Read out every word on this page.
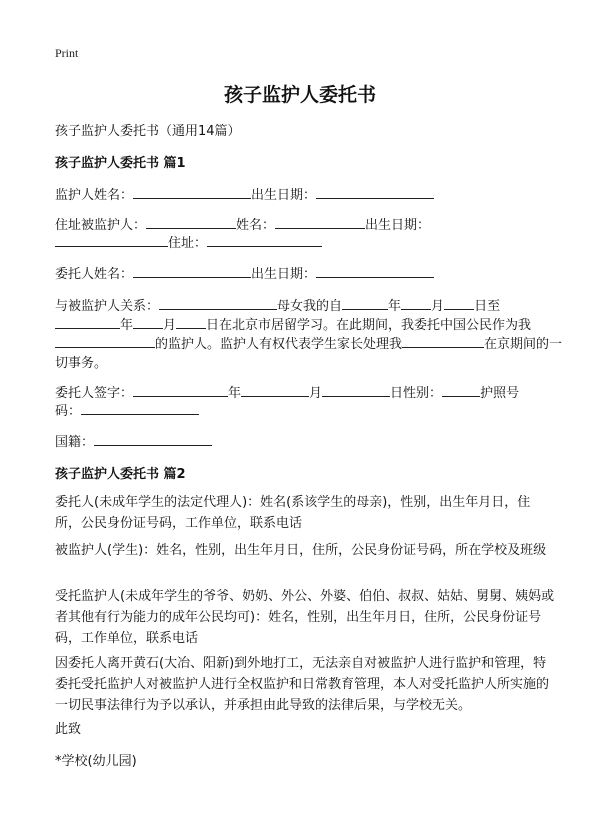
Print
孩子监护人委托书
孩子监护人委托书（通用14篇）
孩子监护人委托书 篇1
监护人姓名：	出生日期：
住址被监护人：	姓名：	出生日期：
住址：
委托人姓名：	出生日期：
与被监护人关系：	母女我的自	年 月 日至
年 月 日在北京市居留学习。在此期间，我委托中国公民作为我
的监护人。监护人有权代表学生家长处理我	在京期间的一
切事务。
委托人签字：	年	月	日性别：	护照号
码：
国籍：
孩子监护人委托书 篇2
委托人(未成年学生的法定代理人)：姓名(系该学生的母亲)，性别，出生年月日，住所，公民身份证号码，工作单位，联系电话
被监护人(学生)：姓名，性别，出生年月日，住所，公民身份证号码，所在学校及班级
受托监护人(未成年学生的爷爷、奶奶、外公、外婆、伯伯、叔叔、姑姑、舅舅、姨妈或者其他有行为能力的成年公民均可)：姓名，性别，出生年月日，住所，公民身份证号码，工作单位，联系电话
因委托人离开黄石(大冶、阳新)到外地打工，无法亲自对被监护人进行监护和管理，特委托受托监护人对被监护人进行全权监护和日常教育管理，本人对受托监护人所实施的一切民事法律行为予以承认，并承担由此导致的法律后果，与学校无关。
此致
*学校(幼儿园)
